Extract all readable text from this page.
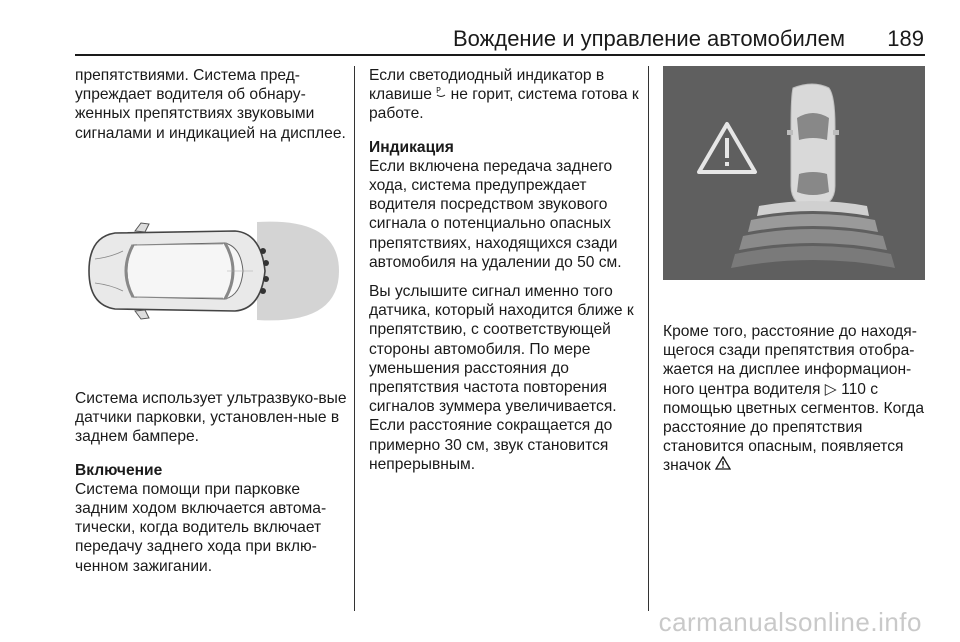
Вождение и управление автомобилем 189

препятствиями. Система пред-упреждает водителя об обнару-женных препятствиях звуковыми сигналами и индикацией на дисплее.

Система использует ультразвуко-вые датчики парковки, установлен-ные в заднем бампере.

Включение
Система помощи при парковке задним ходом включается автома-тически, когда водитель включает передачу заднего хода при вклю-ченном зажигании.

Если светодиодный индикатор в клавише P не горит, система готова к работе.

Индикация
Если включена передача заднего хода, система предупреждает водителя посредством звукового сигнала о потенциально опасных препятствиях, находящихся сзади автомобиля на удалении до 50 см.

Вы услышите сигнал именно того датчика, который находится ближе к препятствию, с соответствующей стороны автомобиля. По мере уменьшения расстояния до препятствия частота повторения сигналов зуммера увеличивается. Если расстояние сокращается до примерно 30 см, звук становится непрерывным.

Кроме того, расстояние до находя-щегося сзади препятствия отобра-жается на дисплее информацион-ного центра водителя ▷ 110 с помощью цветных сегментов. Когда расстояние до препятствия становится опасным, появляется значок

carmanualsonline.info
